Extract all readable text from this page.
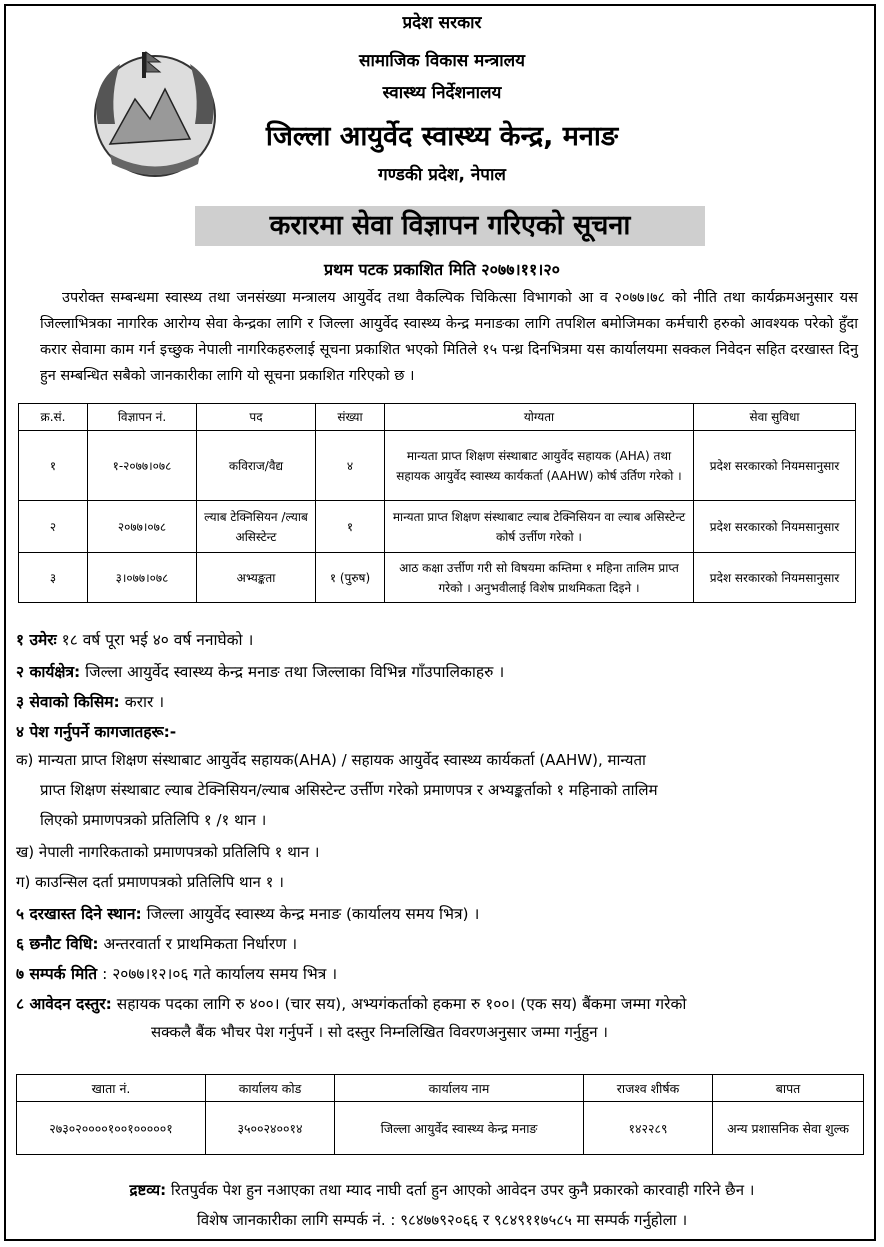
प्रदेश सरकार
सामाजिक विकास मन्त्रालय
स्वास्थ्य निर्देशनालय
जिल्ला आयुर्वेद स्वास्थ्य केन्द्र, मनाङ
गण्डकी प्रदेश, नेपाल
करारमा सेवा विज्ञापन गरिएको सूचना
प्रथम पटक प्रकाशित मिति २०७७।११।२०
उपरोक्त सम्बन्धमा स्वास्थ्य तथा जनसंख्या मन्त्रालय आयुर्वेद तथा वैकल्पिक चिकित्सा विभागको आ व २०७७।७८ को नीति तथा कार्यक्रमअनुसार यस जिल्लाभित्रका नागरिक आरोग्य सेवा केन्द्रका लागि र जिल्ला आयुर्वेद स्वास्थ्य केन्द्र मनाङका लागि तपशिल बमोजिमका कर्मचारी हरुको आवश्यक परेको हुँदा करार सेवामा काम गर्न इच्छुक नेपाली नागरिकहरुलाई सूचना प्रकाशित भएको मितिले १५ पन्ध्र दिनभित्रमा यस कार्यालयमा सक्कल निवेदन सहित दरखास्त दिनु हुन सम्बन्धित सबैको जानकारीका लागि यो सूचना प्रकाशित गरिएको छ ।
क्र.सं.	विज्ञापन नं.	पद	संख्या	योग्यता	सेवा सुविधा
१	१-२०७७।०७८	कविराज/वैद्य	४	मान्यता प्राप्त शिक्षण संस्थाबाट आयुर्वेद सहायक (AHA) तथा सहायक आयुर्वेद स्वास्थ्य कार्यकर्ता (AAHW) कोर्ष उर्तिण गरेको ।	प्रदेश सरकारको नियमसानुसार
२	२०७७।०७८	ल्याब टेक्निसियन /ल्याब असिस्टेन्ट	१	मान्यता प्राप्त शिक्षण संस्थाबाट ल्याब टेक्निसियन वा ल्याब असिस्टेन्ट कोर्ष उर्त्तीण गरेको ।	प्रदेश सरकारको नियमसानुसार
३	३।०७७।०७८	अभ्यङ्कता	१ (पुरुष)	आठ कक्षा उर्त्तीण गरी सो विषयमा कम्तिमा १ महिना तालिम प्राप्त गरेको । अनुभवीलाई विशेष प्राथमिकता दिइने ।	प्रदेश सरकारको नियमसानुसार
१ उमेरः १८ वर्ष पूरा भई ४० वर्ष ननाघेको ।
२ कार्यक्षेत्र: जिल्ला आयुर्वेद स्वास्थ्य केन्द्र मनाङ तथा जिल्लाका विभिन्न गाँउपालिकाहरु ।
३ सेवाको किसिम: करार ।
४ पेश गर्नुपर्ने कागजातहरू:-
क) मान्यता प्राप्त शिक्षण संस्थाबाट आयुर्वेद सहायक(AHA) / सहायक आयुर्वेद स्वास्थ्य कार्यकर्ता (AAHW), मान्यता
प्राप्त शिक्षण संस्थाबाट ल्याब टेक्निसियन/ल्याब असिस्टेन्ट उर्त्तीण गरेको प्रमाणपत्र र अभ्यङ्कर्ताको १ महिनाको तालिम
लिएको प्रमाणपत्रको प्रतिलिपि १ /१ थान ।
ख) नेपाली नागरिकताको प्रमाणपत्रको प्रतिलिपि १ थान ।
ग) काउन्सिल दर्ता प्रमाणपत्रको प्रतिलिपि थान १ ।
५ दरखास्त दिने स्थान: जिल्ला आयुर्वेद स्वास्थ्य केन्द्र मनाङ (कार्यालय समय भित्र) ।
६ छनौट विधि: अन्तरवार्ता र प्राथमिकता निर्धारण ।
७ सम्पर्क मिति : २०७७।१२।०६ गते कार्यालय समय भित्र ।
८ आवेदन दस्तुर: सहायक पदका लागि रु ४००। (चार सय), अभ्यगंकर्ताको हकमा रु १००। (एक सय) बैंकमा जम्मा गरेको
सक्कलै बैंक भौचर पेश गर्नुपर्ने । सो दस्तुर निम्नलिखित विवरणअनुसार जम्मा गर्नुहुन ।
खाता नं.	कार्यालय कोड	कार्यालय नाम	राजश्व शीर्षक	बापत
२७३०२००००१००१०००००१	३५००२४००१४	जिल्ला आयुर्वेद स्वास्थ्य केन्द्र मनाङ	१४२२८९	अन्य प्रशासनिक सेवा शुल्क
द्रष्टव्य: रितपुर्वक पेश हुन नआएका तथा म्याद नाघी दर्ता हुन आएको आवेदन उपर कुनै प्रकारको कारवाही गरिने छैन ।
विशेष जानकारीका लागि सम्पर्क नं. : ९८४७७९२०६६ र ९८४९११७५८५ मा सम्पर्क गर्नुहोला ।
